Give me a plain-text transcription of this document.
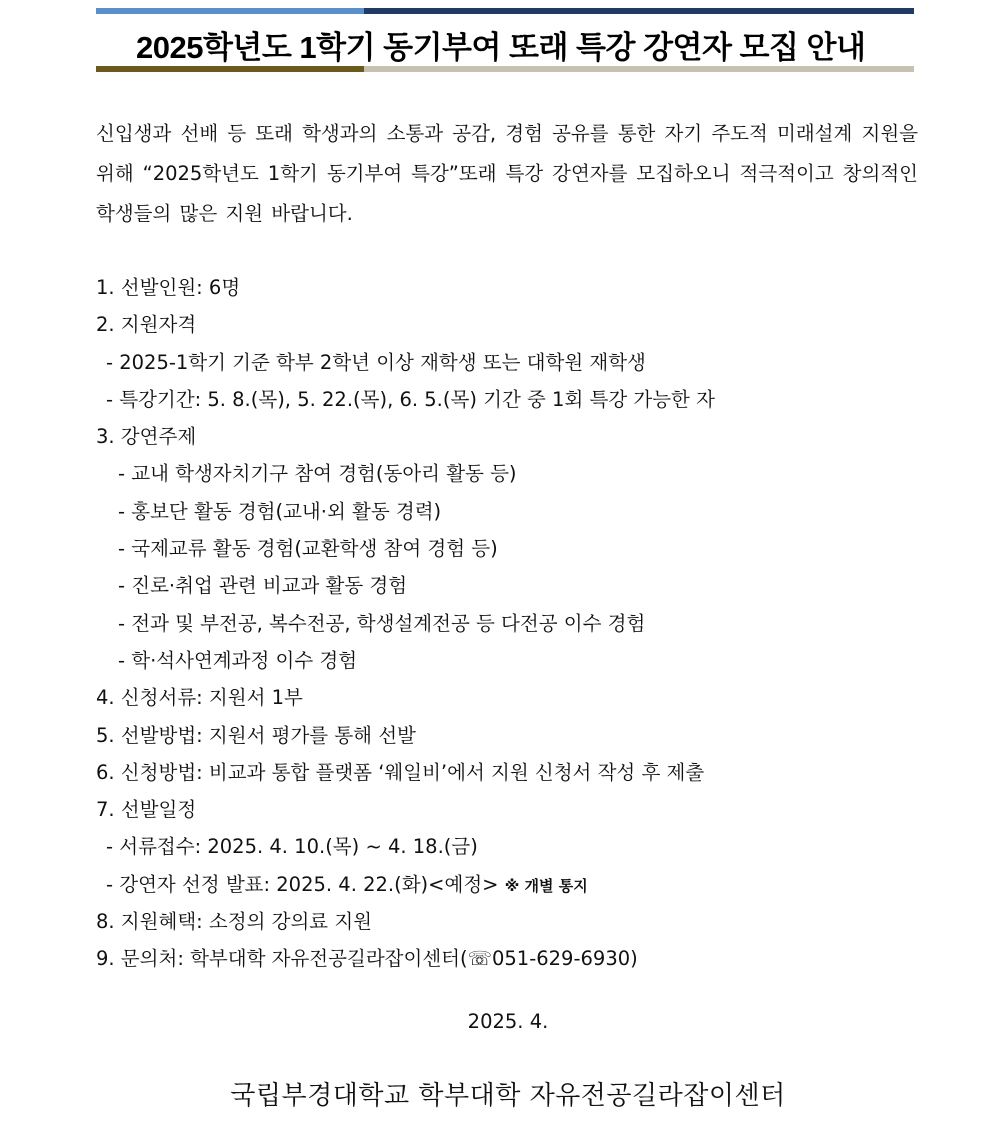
2025학년도 1학기 동기부여 또래 특강 강연자 모집 안내

신입생과 선배 등 또래 학생과의 소통과 공감, 경험 공유를 통한 자기 주도적 미래설계 지원을 위해 “2025학년도 1학기 동기부여 특강”또래 특강 강연자를 모집하오니 적극적이고 창의적인 학생들의 많은 지원 바랍니다.

1. 선발인원: 6명
2. 지원자격
- 2025-1학기 기준 학부 2학년 이상 재학생 또는 대학원 재학생
- 특강기간: 5. 8.(목), 5. 22.(목), 6. 5.(목) 기간 중 1회 특강 가능한 자
3. 강연주제
- 교내 학생자치기구 참여 경험(동아리 활동 등)
- 홍보단 활동 경험(교내·외 활동 경력)
- 국제교류 활동 경험(교환학생 참여 경험 등)
- 진로·취업 관련 비교과 활동 경험
- 전과 및 부전공, 복수전공, 학생설계전공 등 다전공 이수 경험
- 학·석사연계과정 이수 경험
4. 신청서류: 지원서 1부
5. 선발방법: 지원서 평가를 통해 선발
6. 신청방법: 비교과 통합 플랫폼 ‘웨일비’에서 지원 신청서 작성 후 제출
7. 선발일정
- 서류접수: 2025. 4. 10.(목) ~ 4. 18.(금)
- 강연자 선정 발표: 2025. 4. 22.(화)<예정> ※ 개별 통지
8. 지원혜택: 소정의 강의료 지원
9. 문의처: 학부대학 자유전공길라잡이센터(☏051-629-6930)
2025. 4.
국립부경대학교 학부대학 자유전공길라잡이센터
